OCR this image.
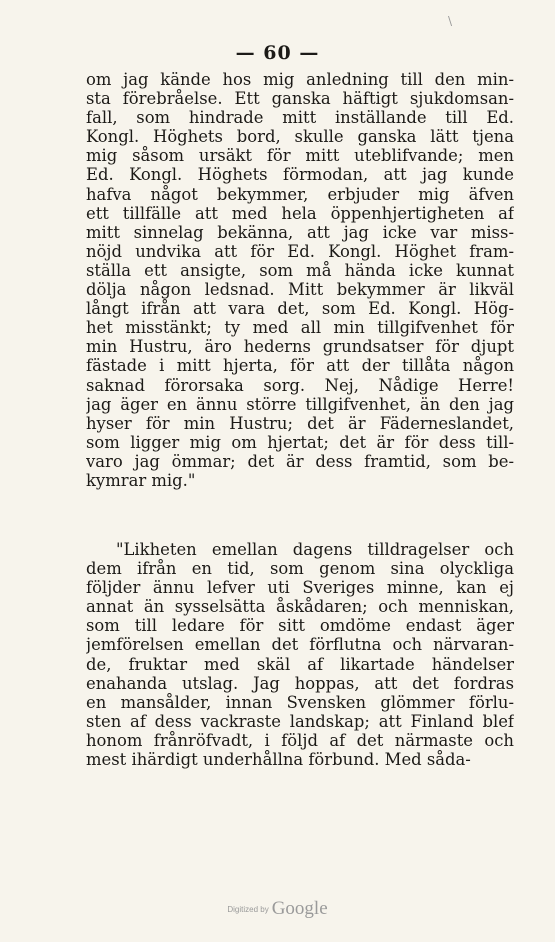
\
— 60 —
om jag kände hos mig anledning till den min-
sta förebråelse. Ett ganska häftigt sjukdomsan-
fall, som hindrade mitt inställande till Ed.
Kongl. Höghets bord, skulle ganska lätt tjena
mig såsom ursäkt för mitt uteblifvande; men
Ed. Kongl. Höghets förmodan, att jag kunde
hafva något bekymmer, erbjuder mig äfven
ett tillfälle att med hela öppenhjertigheten af
mitt sinnelag bekänna, att jag icke var miss-
nöjd undvika att för Ed. Kongl. Höghet fram-
ställa ett ansigte, som må hända icke kunnat
dölja någon ledsnad. Mitt bekymmer är likväl
långt ifrån att vara det, som Ed. Kongl. Hög-
het misstänkt; ty med all min tillgifvenhet för
min Hustru, äro hederns grundsatser för djupt
fästade i mitt hjerta, för att der tillåta någon
saknad förorsaka sorg. Nej, Nådige Herre!
jag äger en ännu större tillgifvenhet, än den jag
hyser för min Hustru; det är Fäderneslandet,
som ligger mig om hjertat; det är för dess till-
varo jag ömmar; det är dess framtid, som be-
kymrar mig."
"Likheten emellan dagens tilldragelser och
dem ifrån en tid, som genom sina olyckliga
följder ännu lefver uti Sveriges minne, kan ej
annat än sysselsätta åskådaren; och menniskan,
som till ledare för sitt omdöme endast äger
jemförelsen emellan det förflutna och närvaran-
de, fruktar med skäl af likartade händelser
enahanda utslag. Jag hoppas, att det fordras
en mansålder, innan Svensken glömmer förlu-
sten af dess vackraste landskap; att Finland blef
honom frånröfvadt, i följd af det närmaste och
mest ihärdigt underhållna förbund. Med såda-
Digitized by Google
